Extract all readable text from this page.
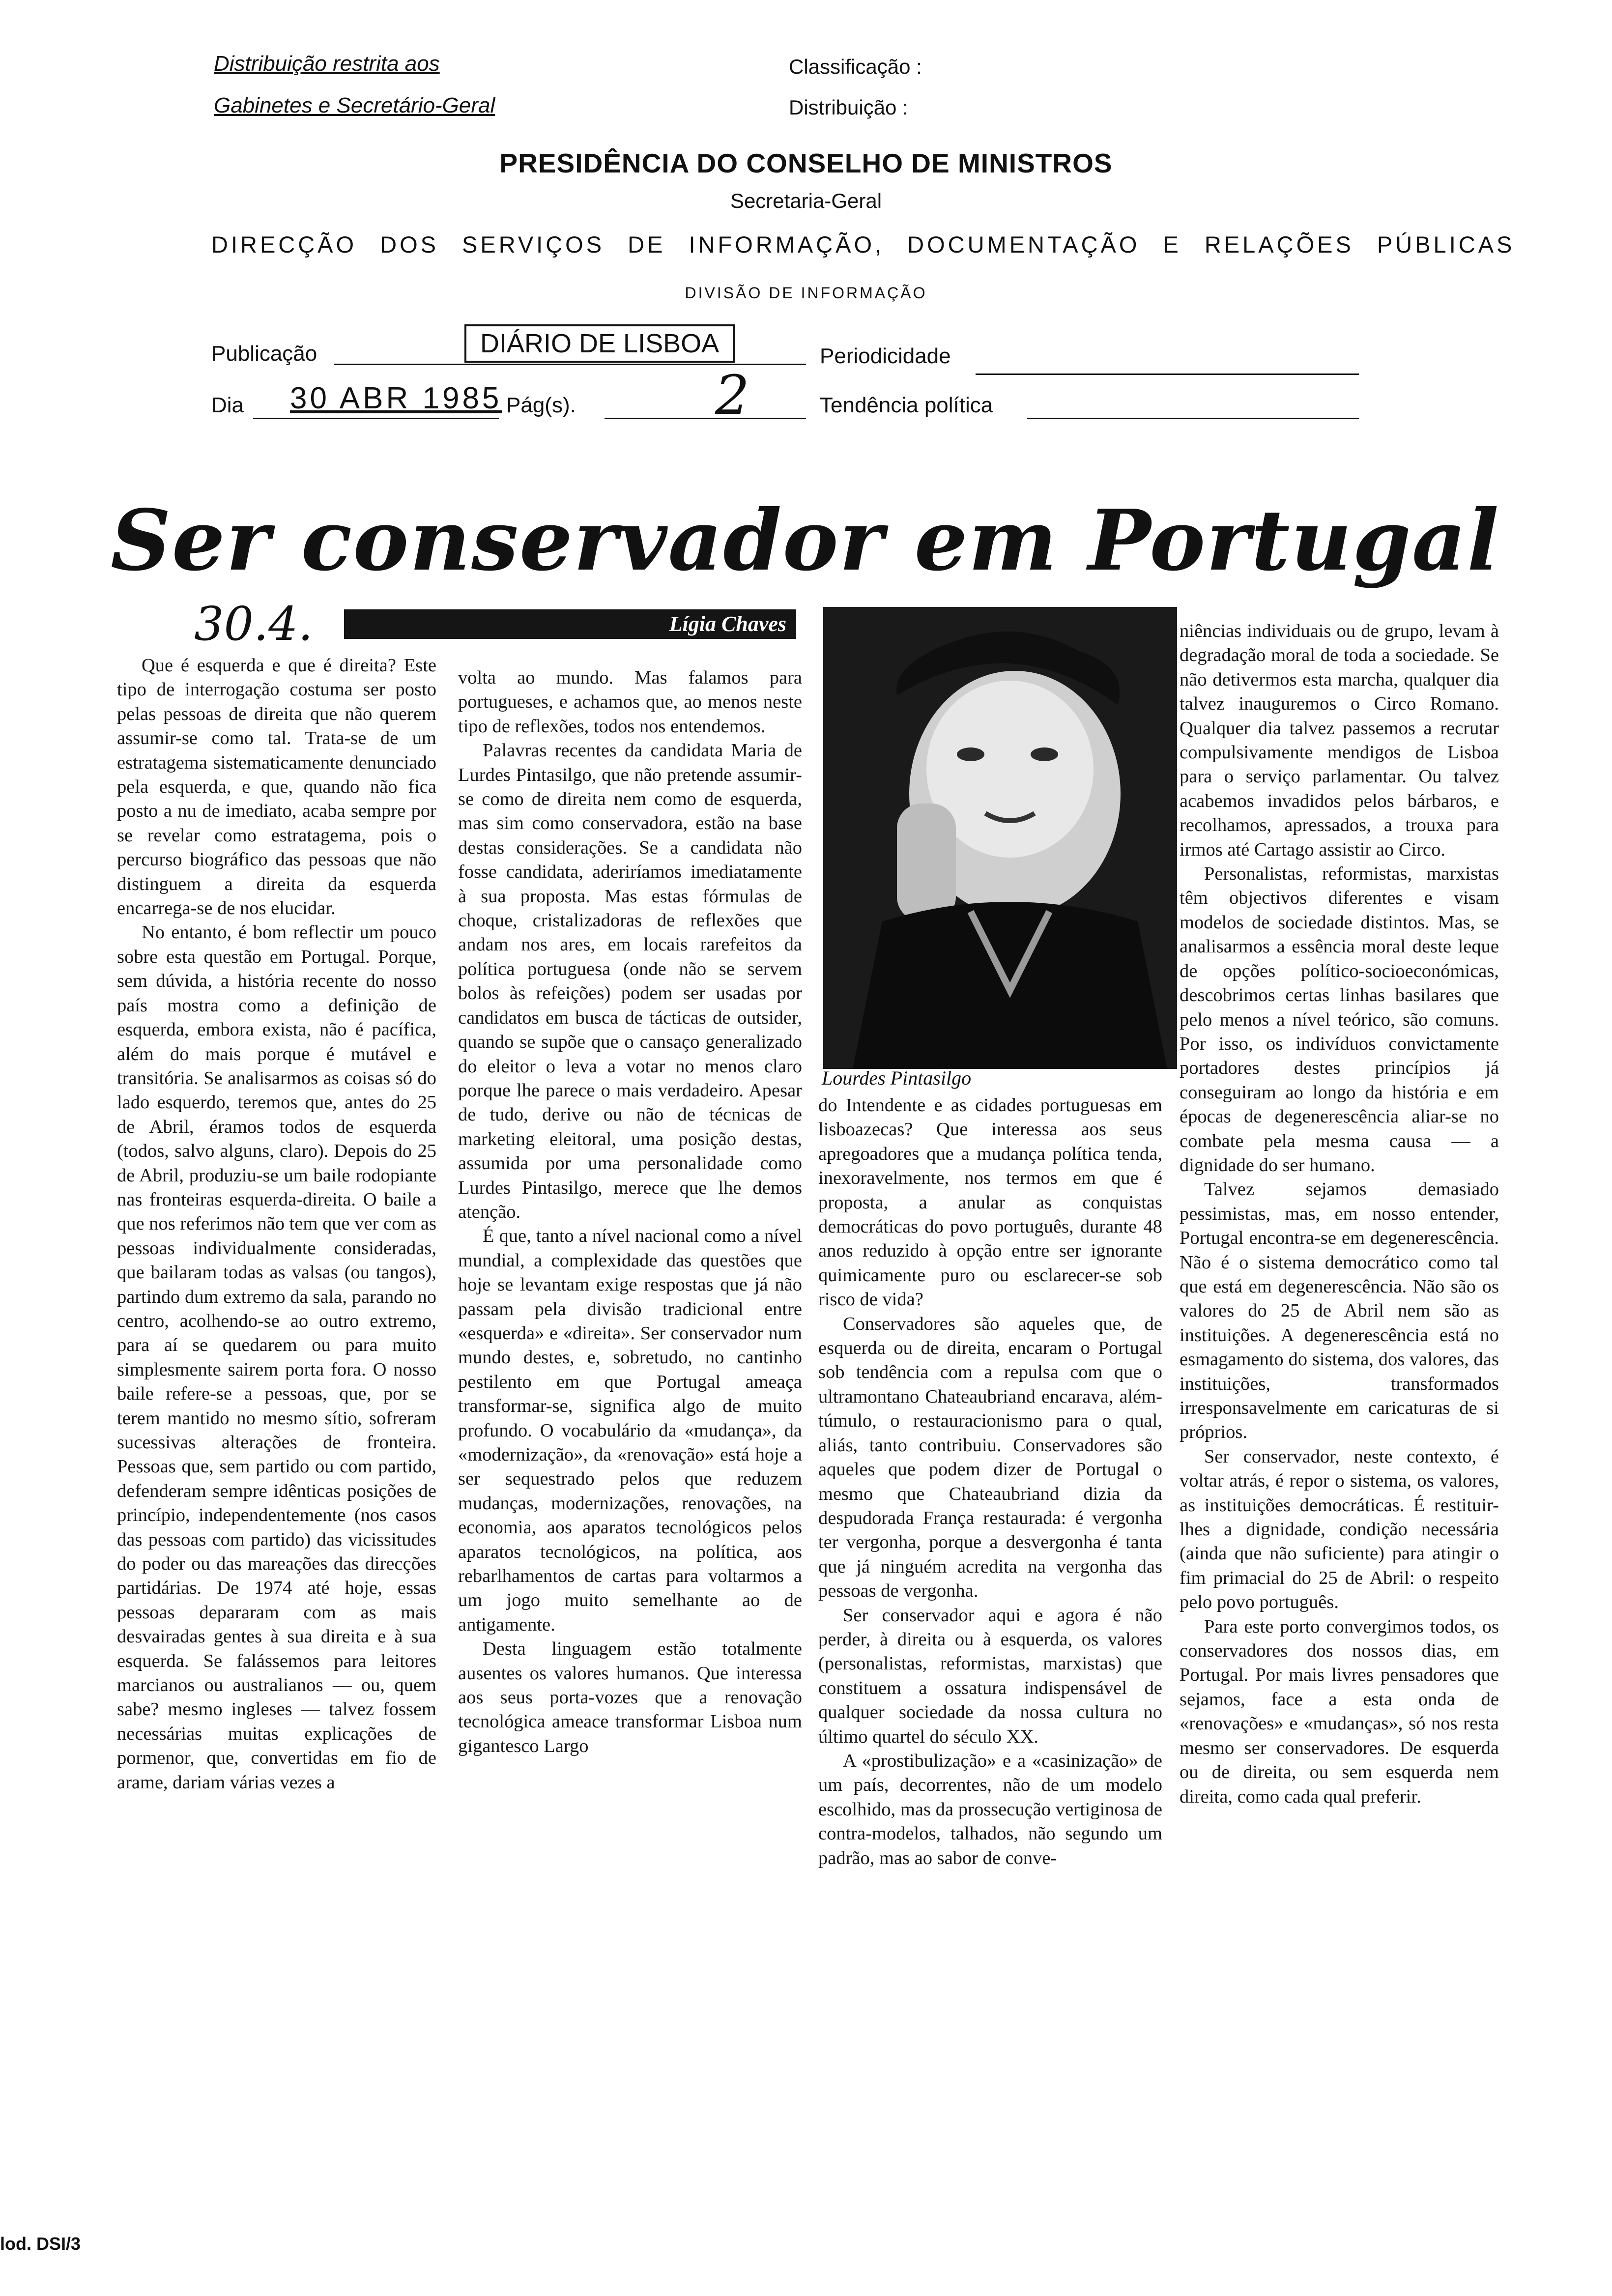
Distribuição restrita aos
Gabinetes e Secretário-Geral
Classificação :
Distribuição :
PRESIDÊNCIA DO CONSELHO DE MINISTROS
Secretaria-Geral
DIRECÇÃO DOS SERVIÇOS DE INFORMAÇÃO, DOCUMENTAÇÃO E RELAÇÕES PÚBLICAS
DIVISÃO DE INFORMAÇÃO
Publicação	DIÁRIO DE LISBOA	Periodicidade
Dia 30 ABR 1985 Pág(s).	2	Tendência política
Ser conservador em Portugal
30.4.	Lígia Chaves
Lourdes Pintasilgo

Que é esquerda e que é direita? Este tipo de interrogação costuma ser posto pelas pessoas de direita que não querem assumir-se como tal. Trata-se de um estratagema sistematicamente denunciado pela esquerda, e que, quando não fica posto a nu de imediato, acaba sempre por se revelar como estratagema, pois o percurso biográfico das pessoas que não distinguem a direita da esquerda encarrega-se de nos elucidar.

No entanto, é bom reflectir um pouco sobre esta questão em Portugal. Porque, sem dúvida, a história recente do nosso país mostra como a definição de esquerda, embora exista, não é pacífica, além do mais porque é mutável e transitória. Se analisarmos as coisas só do lado esquerdo, teremos que, antes do 25 de Abril, éramos todos de esquerda (todos, salvo alguns, claro). Depois do 25 de Abril, produziu-se um baile rodopiante nas fronteiras esquerda-direita. O baile a que nos referimos não tem que ver com as pessoas individualmente consideradas, que bailaram todas as valsas (ou tangos), partindo dum extremo da sala, parando no centro, acolhendo-se ao outro extremo, para aí se quedarem ou para muito simplesmente sairem porta fora. O nosso baile refere-se a pessoas, que, por se terem mantido no mesmo sítio, sofreram sucessivas alterações de fronteira. Pessoas que, sem partido ou com partido, defenderam sempre idênticas posições de princípio, independentemente (nos casos das pessoas com partido) das vicissitudes do poder ou das mareações das direcções partidárias. De 1974 até hoje, essas pessoas depararam com as mais desvairadas gentes à sua direita e à sua esquerda. Se falássemos para leitores marcianos ou australianos — ou, quem sabe? mesmo ingleses — talvez fossem necessárias muitas explicações de pormenor, que, convertidas em fio de arame, dariam várias vezes a

volta ao mundo. Mas falamos para portugueses, e achamos que, ao menos neste tipo de reflexões, todos nos entendemos.

Palavras recentes da candidata Maria de Lurdes Pintasilgo, que não pretende assumir-se como de direita nem como de esquerda, mas sim como conservadora, estão na base destas considerações. Se a candidata não fosse candidata, aderiríamos imediatamente à sua proposta. Mas estas fórmulas de choque, cristalizadoras de reflexões que andam nos ares, em locais rarefeitos da política portuguesa (onde não se servem bolos às refeições) podem ser usadas por candidatos em busca de tácticas de outsider, quando se supõe que o cansaço generalizado do eleitor o leva a votar no menos claro porque lhe parece o mais verdadeiro. Apesar de tudo, derive ou não de técnicas de marketing eleitoral, uma posição destas, assumida por uma personalidade como Lurdes Pintasilgo, merece que lhe demos atenção.

É que, tanto a nível nacional como a nível mundial, a complexidade das questões que hoje se levantam exige respostas que já não passam pela divisão tradicional entre «esquerda» e «direita». Ser conservador num mundo destes, e, sobretudo, no cantinho pestilento em que Portugal ameaça transformar-se, significa algo de muito profundo. O vocabulário da «mudança», da «modernização», da «renovação» está hoje a ser sequestrado pelos que reduzem mudanças, modernizações, renovações, na economia, aos aparatos tecnológicos pelos aparatos tecnológicos, na política, aos rebarlhamentos de cartas para voltarmos a um jogo muito semelhante ao de antigamente.

Desta linguagem estão totalmente ausentes os valores humanos. Que interessa aos seus porta-vozes que a renovação tecnológica ameace transformar Lisboa num gigantesco Largo

do Intendente e as cidades portuguesas em lisboazecas? Que interessa aos seus apregoadores que a mudança política tenda, inexoravelmente, nos termos em que é proposta, a anular as conquistas democráticas do povo português, durante 48 anos reduzido à opção entre ser ignorante quimicamente puro ou esclarecer-se sob risco de vida?

Conservadores são aqueles que, de esquerda ou de direita, encaram o Portugal sob tendência com a repulsa com que o ultramontano Chateaubriand encarava, além-túmulo, o restauracionismo para o qual, aliás, tanto contribuiu. Conservadores são aqueles que podem dizer de Portugal o mesmo que Chateaubriand dizia da despudorada França restaurada: é vergonha ter vergonha, porque a desvergonha é tanta que já ninguém acredita na vergonha das pessoas de vergonha.

Ser conservador aqui e agora é não perder, à direita ou à esquerda, os valores (personalistas, reformistas, marxistas) que constituem a ossatura indispensável de qualquer sociedade da nossa cultura no último quartel do século XX.

A «prostibulização» e a «casinização» de um país, decorrentes, não de um modelo escolhido, mas da prossecução vertiginosa de contra-modelos, talhados, não segundo um padrão, mas ao sabor de conve-

niências individuais ou de grupo, levam à degradação moral de toda a sociedade. Se não detivermos esta marcha, qualquer dia talvez inauguremos o Circo Romano. Qualquer dia talvez passemos a recrutar compulsivamente mendigos de Lisboa para o serviço parlamentar. Ou talvez acabemos invadidos pelos bárbaros, e recolhamos, apressados, a trouxa para irmos até Cartago assistir ao Circo.

Personalistas, reformistas, marxistas têm objectivos diferentes e visam modelos de sociedade distintos. Mas, se analisarmos a essência moral deste leque de opções político-socioeconómicas, descobrimos certas linhas basilares que pelo menos a nível teórico, são comuns. Por isso, os indivíduos convictamente portadores destes princípios já conseguiram ao longo da história e em épocas de degenerescência aliar-se no combate pela mesma causa — a dignidade do ser humano.

Talvez sejamos demasiado pessimistas, mas, em nosso entender, Portugal encontra-se em degenerescência. Não é o sistema democrático como tal que está em degenerescência. Não são os valores do 25 de Abril nem são as instituições. A degenerescência está no esmagamento do sistema, dos valores, das instituições, transformados irresponsavelmente em caricaturas de si próprios.

Ser conservador, neste contexto, é voltar atrás, é repor o sistema, os valores, as instituições democráticas. É restituir-lhes a dignidade, condição necessária (ainda que não suficiente) para atingir o fim primacial do 25 de Abril: o respeito pelo povo português.

Para este porto convergimos todos, os conservadores dos nossos dias, em Portugal. Por mais livres pensadores que sejamos, face a esta onda de «renovações» e «mudanças», só nos resta mesmo ser conservadores. De esquerda ou de direita, ou sem esquerda nem direita, como cada qual preferir.

lod. DSI/3
